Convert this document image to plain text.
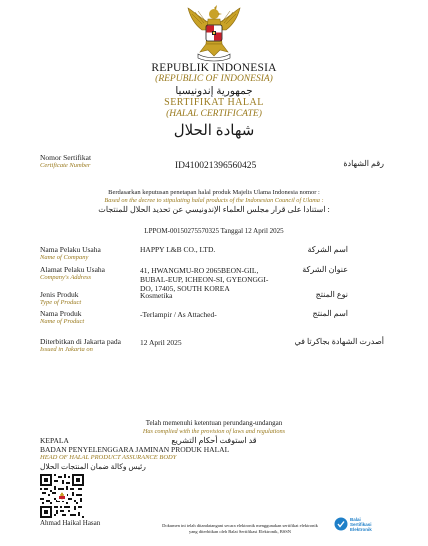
REPUBLIK INDONESIA
(REPUBLIC OF INDONESIA)
جمهورية إندونيسيا
SERTIFIKAT HALAL
(HALAL CERTIFICATE)
شهادة الحلال
Nomor Sertifikat
Certificate Number	ID410021396560425	رقم الشهادة
Berdasarkan keputusan penetapan halal produk Majelis Ulama Indonesia nomor :
Based on the decree to stipulating halal products of the Indonesian Council of Ulama :
استنادا على قرار مجلس العلماء الإندونيسي عن تحديد الحلال للمنتجات :
LPPOM-00150275570325 Tanggal 12 April 2025
Nama Pelaku Usaha
Name of Company
HAPPY L&B CO., LTD.	اسم الشركة
Alamat Pelaku Usaha
Company's Address
41, HWANGMU-RO 2065BEON-GIL, BUBAL-EUP, ICHEON-SI, GYEONGGI-DO, 17405, SOUTH KOREA
عنوان الشركة
Jenis Produk
Type of Product
Kosmetika	نوع المنتج
Nama Produk
Name of Product
-Terlampir / As Attached-	اسم المنتج
Diterbitkan di Jakarta pada
Issued in Jakarta on
12 April 2025	أصدرت الشهادة بجاكرتا في
Telah memenuhi ketentuan perundang-undangan
Has complied with the provision of laws and regulations
قد استوفت أحكام التشريع
KEPALA
BADAN PENYELENGGARA JAMINAN PRODUK HALAL
HEAD OF HALAL PRODUCT ASSURANCE BODY
رئيس وكالة ضمان المنتجات الحلال
Ahmad Haikal Hasan	Dokumen ini telah ditandatangani secara elektronik menggunakan sertifikat elektronik
yang diterbitkan oleh Balai Sertifikasi Elektronik, BSSN
Balai
Sertifikasi
Elektronik
